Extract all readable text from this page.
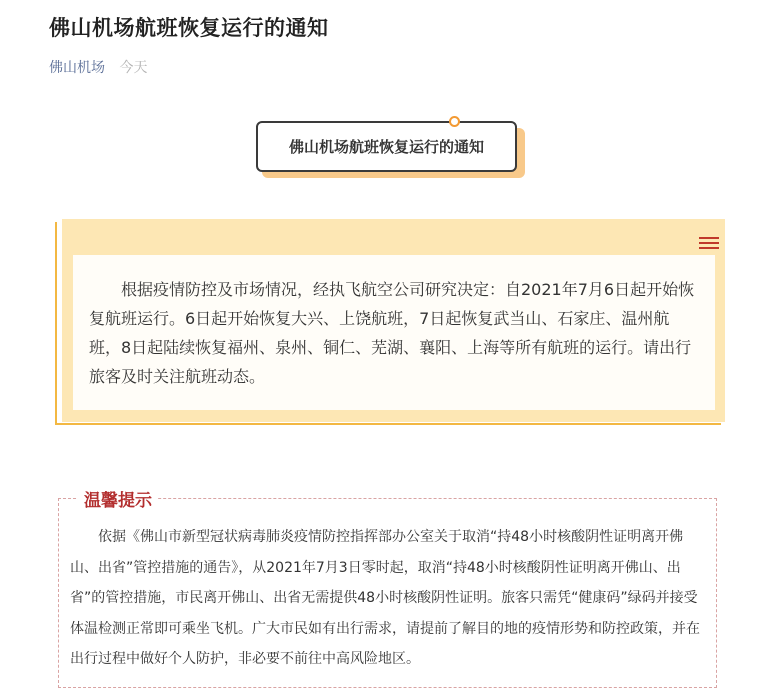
佛山机场航班恢复运行的通知
佛山机场 今天
佛山机场航班恢复运行的通知
根据疫情防控及市场情况，经执飞航空公司研究决定：自2021年7月6日起开始恢复航班运行。6日起开始恢复大兴、上饶航班，7日起恢复武当山、石家庄、温州航班，8日起陆续恢复福州、泉州、铜仁、芜湖、襄阳、上海等所有航班的运行。请出行旅客及时关注航班动态。
温馨提示
依据《佛山市新型冠状病毒肺炎疫情防控指挥部办公室关于取消“持48小时核酸阴性证明离开佛山、出省”管控措施的通告》，从2021年7月3日零时起，取消“持48小时核酸阴性证明离开佛山、出省”的管控措施，市民离开佛山、出省无需提供48小时核酸阴性证明。旅客只需凭“健康码”绿码并接受体温检测正常即可乘坐飞机。广大市民如有出行需求，请提前了解目的地的疫情形势和防控政策，并在出行过程中做好个人防护，非必要不前往中高风险地区。
